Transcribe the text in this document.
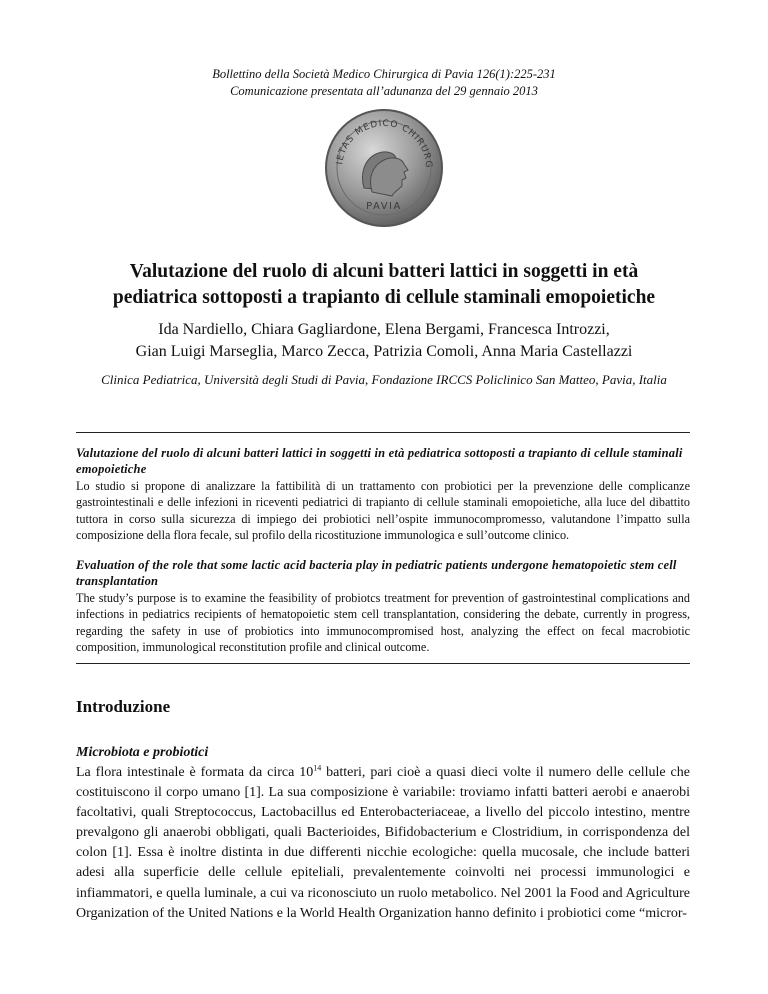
Bollettino della Società Medico Chirurgica di Pavia 126(1):225-231
Comunicazione presentata all’adunanza del 29 gennaio 2013
IETAS MEDICO CHIRURG
PAVIA
Valutazione del ruolo di alcuni batteri lattici in soggetti in età
pediatrica sottoposti a trapianto di cellule staminali emopoietiche
Ida Nardiello, Chiara Gagliardone, Elena Bergami, Francesca Introzzi,
Gian Luigi Marseglia, Marco Zecca, Patrizia Comoli, Anna Maria Castellazzi
Clinica Pediatrica, Università degli Studi di Pavia, Fondazione IRCCS Policlinico San Matteo, Pavia, Italia
Valutazione del ruolo di alcuni batteri lattici in soggetti in età pediatrica sottoposti a trapianto di cellule staminali emopoietiche
Lo studio si propone di analizzare la fattibilità di un trattamento con probiotici per la prevenzione delle complicanze gastrointestinali e delle infezioni in riceventi pediatrici di trapianto di cellule staminali emopoietiche, alla luce del dibattito tuttora in corso sulla sicurezza di impiego dei probiotici nell’ospite immunocompromesso, valutandone l’impatto sulla composizione della flora fecale, sul profilo della ricostituzione immunologica e sull’outcome clinico.
Evaluation of the role that some lactic acid bacteria play in pediatric patients undergone hematopoietic stem cell transplantation
The study’s purpose is to examine the feasibility of probiotcs treatment for prevention of gastrointestinal complications and infections in pediatrics recipients of hematopoietic stem cell transplantation, considering the debate, currently in progress, regarding the safety in use of probiotics into immunocompromised host, analyzing the effect on fecal macrobiotic composition, immunological reconstitution profile and clinical outcome.
Introduzione
Microbiota e probiotici
La flora intestinale è formata da circa $10^{14}$ batteri, pari cioè a quasi dieci volte il numero delle cellule che costituiscono il corpo umano [1]. La sua composizione è variabile: troviamo infatti batteri aerobi e anaerobi facoltativi, quali Streptococcus, Lactobacillus ed Enterobacteriaceae, a livello del piccolo intestino, mentre prevalgono gli anaerobi obbligati, quali Bacterioides, Bifidobacterium e Clostridium, in corrispondenza del colon [1]. Essa è inoltre distinta in due differenti nicchie ecologiche: quella mucosale, che include batteri adesi alla superficie delle cellule epiteliali, prevalentemente coinvolti nei processi immunologici e infiammatori, e quella luminale, a cui va riconosciuto un ruolo metabolico. Nel 2001 la Food and Agriculture Organization of the United Nations e la World Health Organization hanno definito i probiotici come “micror-
